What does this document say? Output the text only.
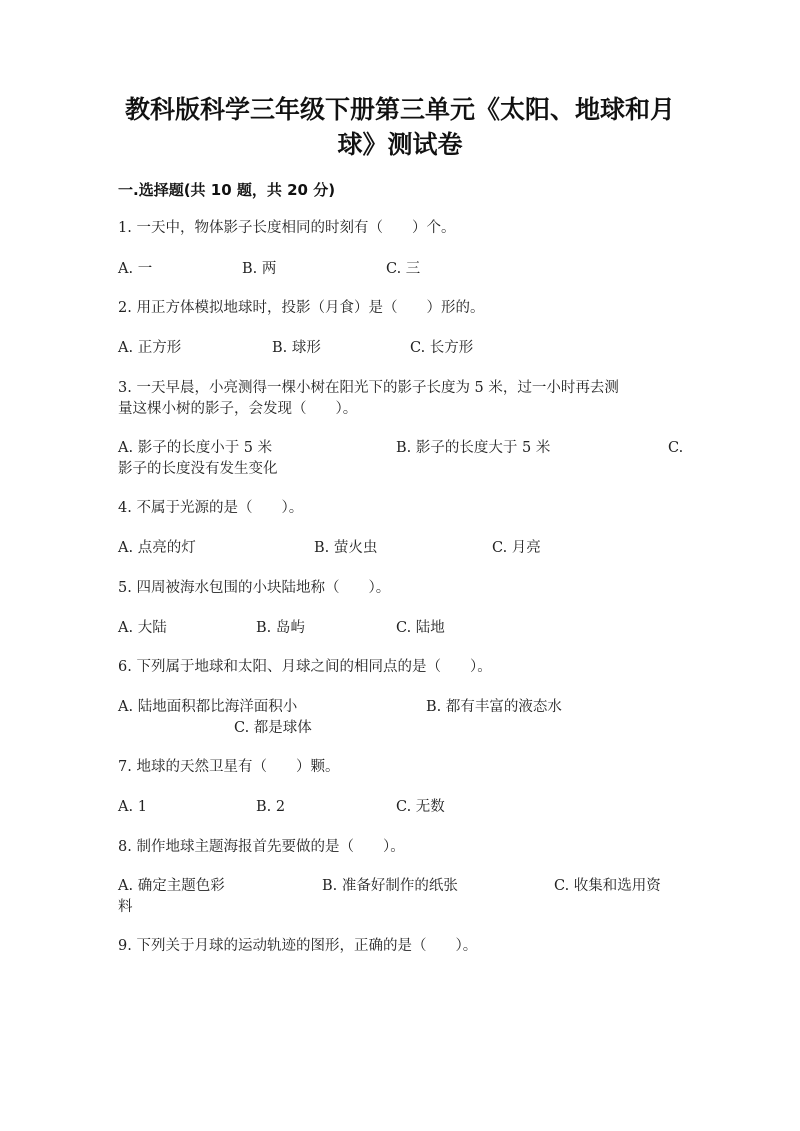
教科版科学三年级下册第三单元《太阳、地球和月
球》测试卷
一.选择题(共 10 题，共 20 分)
1. 一天中，物体影子长度相同的时刻有（　　）个。
A. 一	B. 两	C. 三
2. 用正方体模拟地球时，投影（月食）是（　　）形的。
A. 正方形	B. 球形	C. 长方形
3. 一天早晨，小亮测得一棵小树在阳光下的影子长度为 5 米，过一小时再去测
量这棵小树的影子，会发现（　　）。
A. 影子的长度小于 5 米	B. 影子的长度大于 5 米	C.
影子的长度没有发生变化
4. 不属于光源的是（　　）。
A. 点亮的灯	B. 萤火虫	C. 月亮
5. 四周被海水包围的小块陆地称（　　）。
A. 大陆	B. 岛屿	C. 陆地
6. 下列属于地球和太阳、月球之间的相同点的是（　　）。
A. 陆地面积都比海洋面积小	B. 都有丰富的液态水
C. 都是球体
7. 地球的天然卫星有（　　）颗。
A. 1	B. 2	C. 无数
8. 制作地球主题海报首先要做的是（　　）。
A. 确定主题色彩	B. 准备好制作的纸张	C. 收集和选用资
料
9. 下列关于月球的运动轨迹的图形，正确的是（　　）。
